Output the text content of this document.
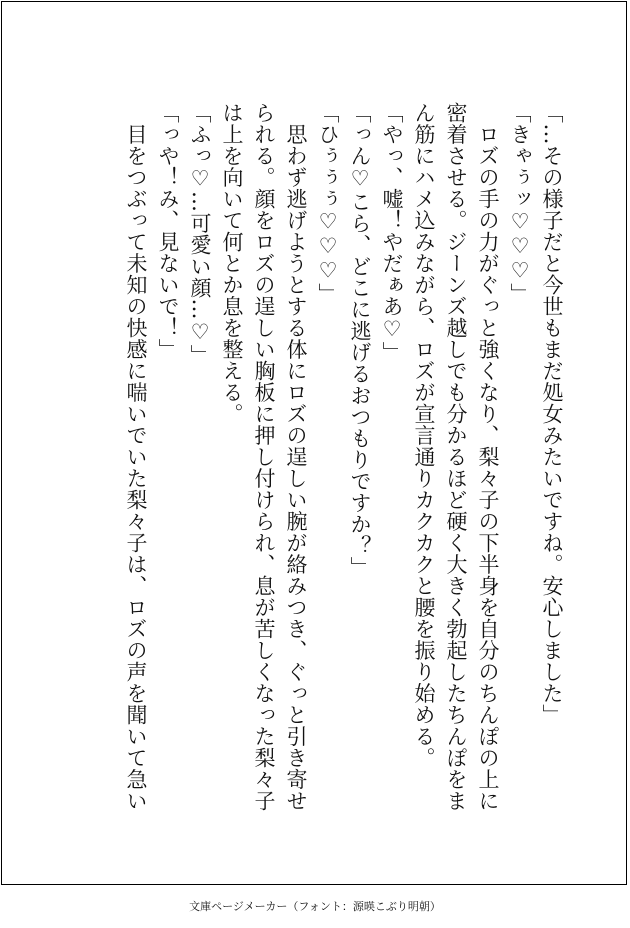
「…その様子だと今世もまだ処女みたいですね。安心しました」

「きゃぅッ♡♡♡」

　ロズの手の力がぐっと強くなり、梨々子の下半身を自分のちんぽの上に

密着させる。ジーンズ越しでも分かるほど硬く大きく勃起したちんぽをま

ん筋にハメ込みながら、ロズが宣言通りカクカクと腰を振り始める。

「やっ、嘘！やだぁあ♡」

「っん♡こら、どこに逃げるおつもりですか？」

「ひぅぅぅ♡♡♡」

　思わず逃げようとする体にロズの逞しい腕が絡みつき、ぐっと引き寄せ

られる。顔をロズの逞しい胸板に押し付けられ、息が苦しくなった梨々子

は上を向いて何とか息を整える。

「ふっ♡…可愛い顔…♡」

「っや！み、見ないで！」

　目をつぶって未知の快感に喘いでいた梨々子は、ロズの声を聞いて急い

文庫ページメーカー（フォント：源暎こぶり明朝）
